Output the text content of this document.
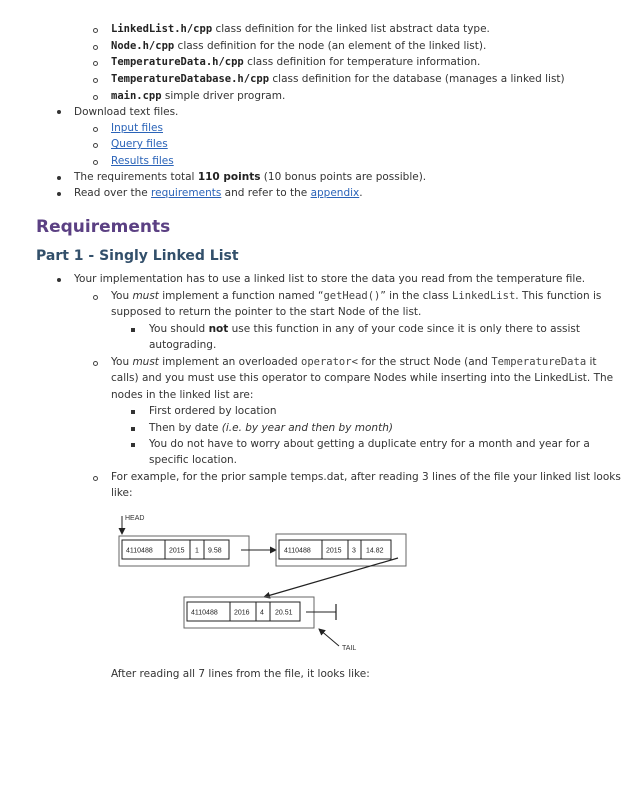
LinkedList.h/cpp class definition for the linked list abstract data type.
Node.h/cpp class definition for the node (an element of the linked list).
TemperatureData.h/cpp class definition for temperature information.
TemperatureDatabase.h/cpp class definition for the database (manages a linked list)
main.cpp simple driver program.
Download text files.
Input files
Query files
Results files
The requirements total 110 points (10 bonus points are possible).
Read over the requirements and refer to the appendix.
Requirements
Part 1 - Singly Linked List
Your implementation has to use a linked list to store the data you read from the temperature file.
You must implement a function named “getHead()” in the class LinkedList. This function is
supposed to return the pointer to the start Node of the list.
You should not use this function in any of your code since it is only there to assist
autograding.
You must implement an overloaded operator< for the struct Node (and TemperatureData it
calls) and you must use this operator to compare Nodes while inserting into the LinkedList. The
nodes in the linked list are:
First ordered by location
Then by date (i.e. by year and then by month)
You do not have to worry about getting a duplicate entry for a month and year for a
specific location.
For example, for the prior sample temps.dat, after reading 3 lines of the file your linked list looks
like:
HEAD
4110488 2015 1 9.58	4110488 2015 3 14.82
4110488 2016 4 20.51
TAIL
After reading all 7 lines from the file, it looks like:
